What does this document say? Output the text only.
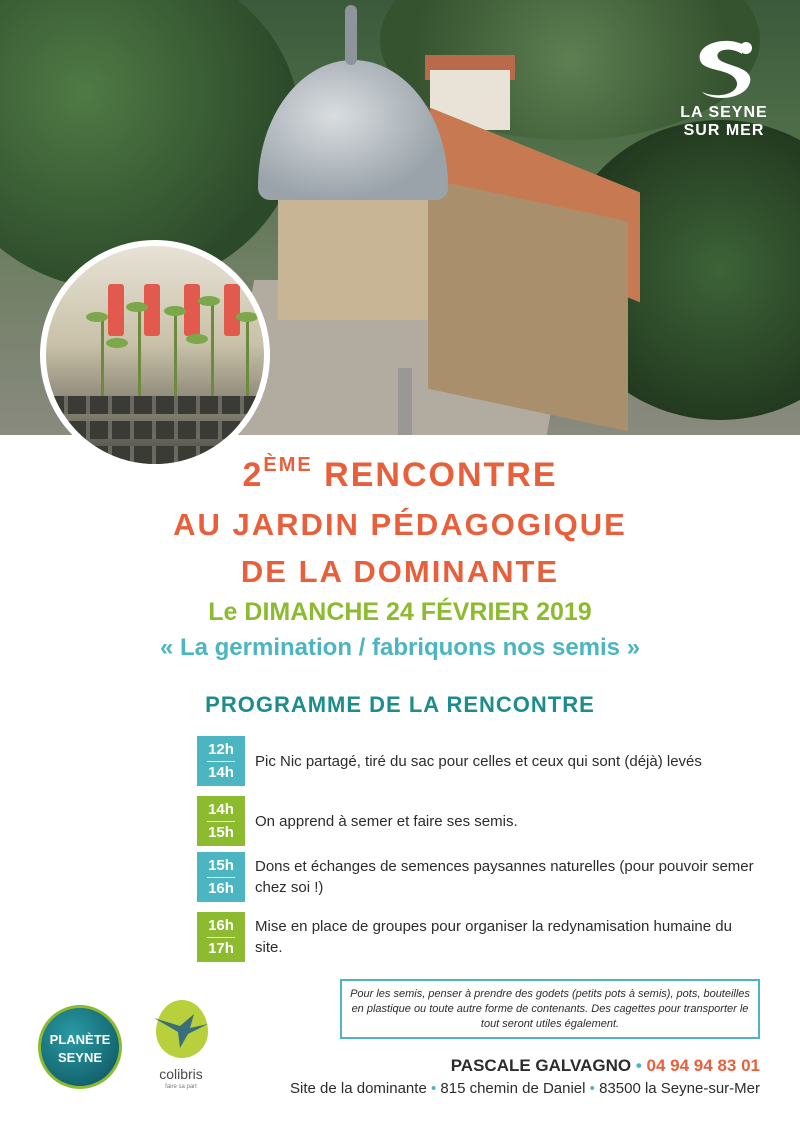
LA SEYNE
SUR MER
2ÈME RENCONTRE
AU JARDIN PÉDAGOGIQUE
DE LA DOMINANTE
Le DIMANCHE 24 FÉVRIER 2019
« La germination / fabriquons nos semis »
PROGRAMME DE LA RENCONTRE
12h
14h
Pic Nic partagé, tiré du sac pour celles et ceux qui sont (déjà) levés
14h
15h
On apprend à semer et faire ses semis.
15h
16h
Dons et échanges de semences paysannes naturelles (pour pouvoir semer chez soi !)
16h
17h
Mise en place de groupes pour organiser la redynamisation humaine du site.
Pour les semis, penser à prendre des godets (petits pots à semis), pots, bouteilles en plastique ou toute autre forme de contenants. Des cagettes pour transporter le tout seront utiles également.
PASCALE GALVAGNO • 04 94 94 83 01
Site de la dominante • 815 chemin de Daniel • 83500 la Seyne-sur-Mer
PLANÈTE
SEYNE
colibris
faire sa part
